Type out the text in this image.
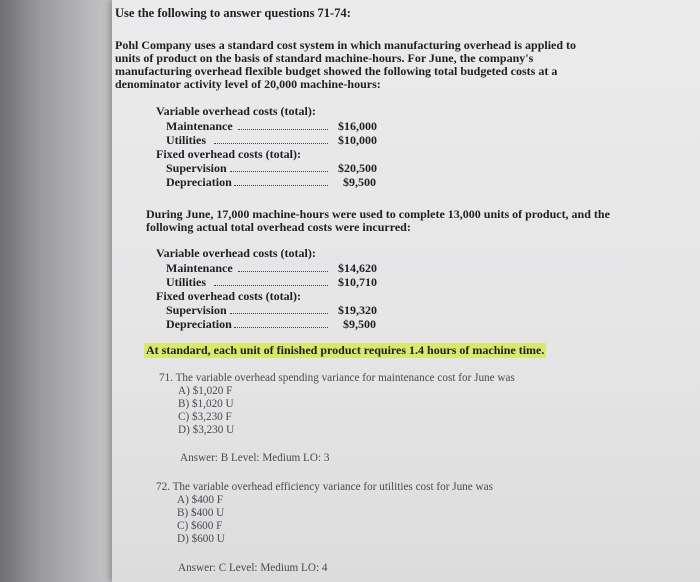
Use the following to answer questions 71-74:
Pohl Company uses a standard cost system in which manufacturing overhead is applied to
units of product on the basis of standard machine-hours. For June, the company's
manufacturing overhead flexible budget showed the following total budgeted costs at a
denominator activity level of 20,000 machine-hours:
Variable overhead costs (total):
Maintenance	$16,000
Utilities	$10,000
Fixed overhead costs (total):
Supervision	$20,500
Depreciation	$9,500
During June, 17,000 machine-hours were used to complete 13,000 units of product, and the
following actual total overhead costs were incurred:
Variable overhead costs (total):
Maintenance	$14,620
Utilities	$10,710
Fixed overhead costs (total):
Supervision	$19,320
Depreciation	$9,500
At standard, each unit of finished product requires 1.4 hours of machine time.
71. The variable overhead spending variance for maintenance cost for June was
A) $1,020 F
B) $1,020 U
C) $3,230 F
D) $3,230 U
Answer: B Level: Medium LO: 3
72. The variable overhead efficiency variance for utilities cost for June was
A) $400 F
B) $400 U
C) $600 F
D) $600 U
Answer: C Level: Medium LO: 4
